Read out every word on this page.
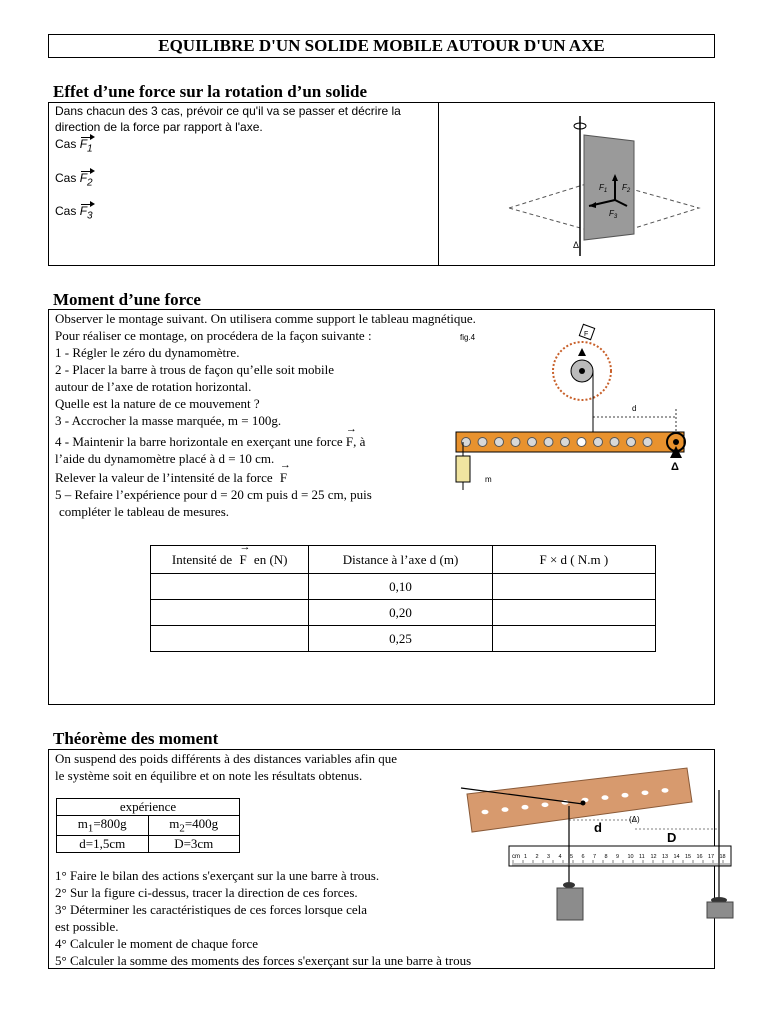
EQUILIBRE D'UN SOLIDE MOBILE AUTOUR D'UN AXE
Effet d’une force sur la rotation d’un solide
Dans chacun des 3 cas, prévoir ce qu'il va se passer et décrire la
direction de la force par rapport à l'axe.
Cas $F_1$
Cas $F_2$
Cas $F_3$
$F_1$ $F_2$
$F_3$
Δ
Moment d’une force
Observer le montage suivant. On utilisera comme support le tableau magnétique.
Pour réaliser ce montage, on procédera de la façon suivante :
1 - Régler le zéro du dynamomètre.
2 - Placer la barre à trous de façon qu’elle soit mobile
autour de l’axe de rotation horizontal.
Quelle est la nature de ce mouvement ?
3 - Accrocher la masse marquée, m = 100g.
4 - Maintenir la barre horizontale en exerçant une force → F, à
l’aide du dynamomètre placé à d = 10 cm.
Relever la valeur de l’intensité de la force → F
5 – Refaire l’expérience pour d = 20 cm puis d = 25 cm, puis
compléter le tableau de mesures.
fig.4	F
d
Δ
m
Intensité de → F en (N)	Distance à l’axe d (m)	F × d ( N.m )
	0,10	
	0,20	
	0,25	
Théorème des moment
On suspend des poids différents à des distances variables afin que
le système soit en équilibre et on note les résultats obtenus.
expérience	
$m_1=800g$	$m_2=400g$
d=1,5cm	D=3cm
1° Faire le bilan des actions s'exerçant sur la une barre à trous.
2° Sur la figure ci-dessus, tracer la direction de ces forces.
3° Déterminer les caractéristiques de ces forces lorsque cela
est possible.
4° Calculer le moment de chaque force
5° Calculer la somme des moments des forces s'exerçant sur la une barre à trous
(Δ)
1 2 3 4 5 6 7 8 9 10 11 12 13 14 15 16 17 18
cm
d
D
